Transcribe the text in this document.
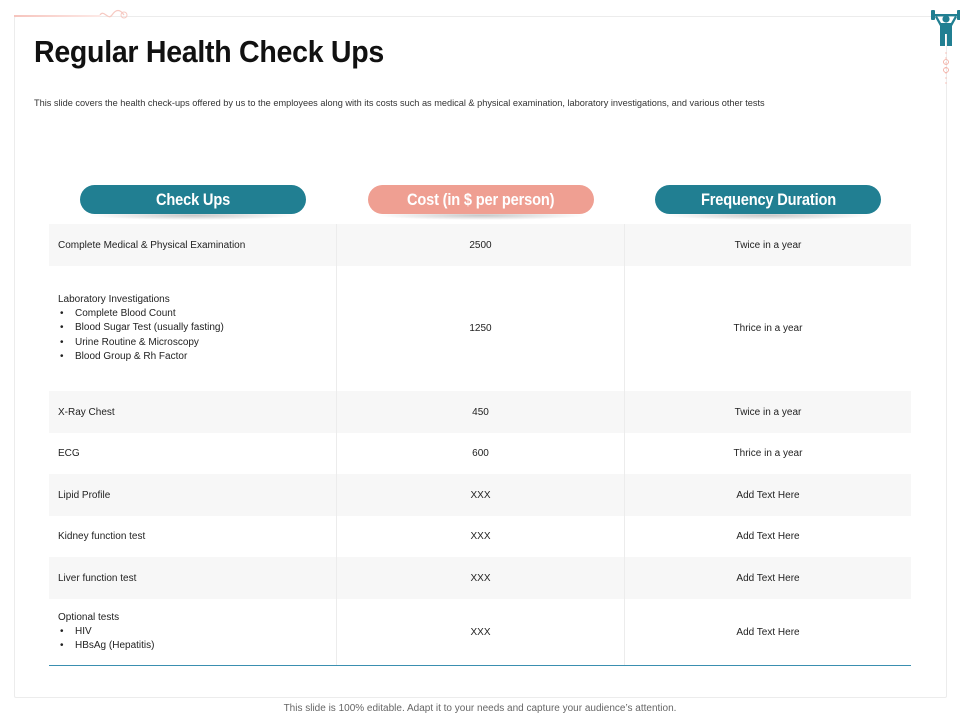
Regular Health Check Ups

This slide covers the health check-ups offered by us to the employees along with its costs such as medical & physical examination, laboratory investigations, and various other tests

Check Ups	Cost (in $ per person)	Frequency Duration
Complete Medical & Physical Examination	2500	Twice in a year
Laboratory Investigations
• Complete Blood Count
• Blood Sugar Test (usually fasting)
• Urine Routine & Microscopy
• Blood Group & Rh Factor
1250	Thrice in a year
X-Ray Chest	450	Twice in a year
ECG	600	Thrice in a year
Lipid Profile	XXX	Add Text Here
Kidney function test	XXX	Add Text Here
Liver function test	XXX	Add Text Here
Optional tests
• HIV
• HBsAg (Hepatitis)
XXX	Add Text Here
This slide is 100% editable. Adapt it to your needs and capture your audience’s attention.
